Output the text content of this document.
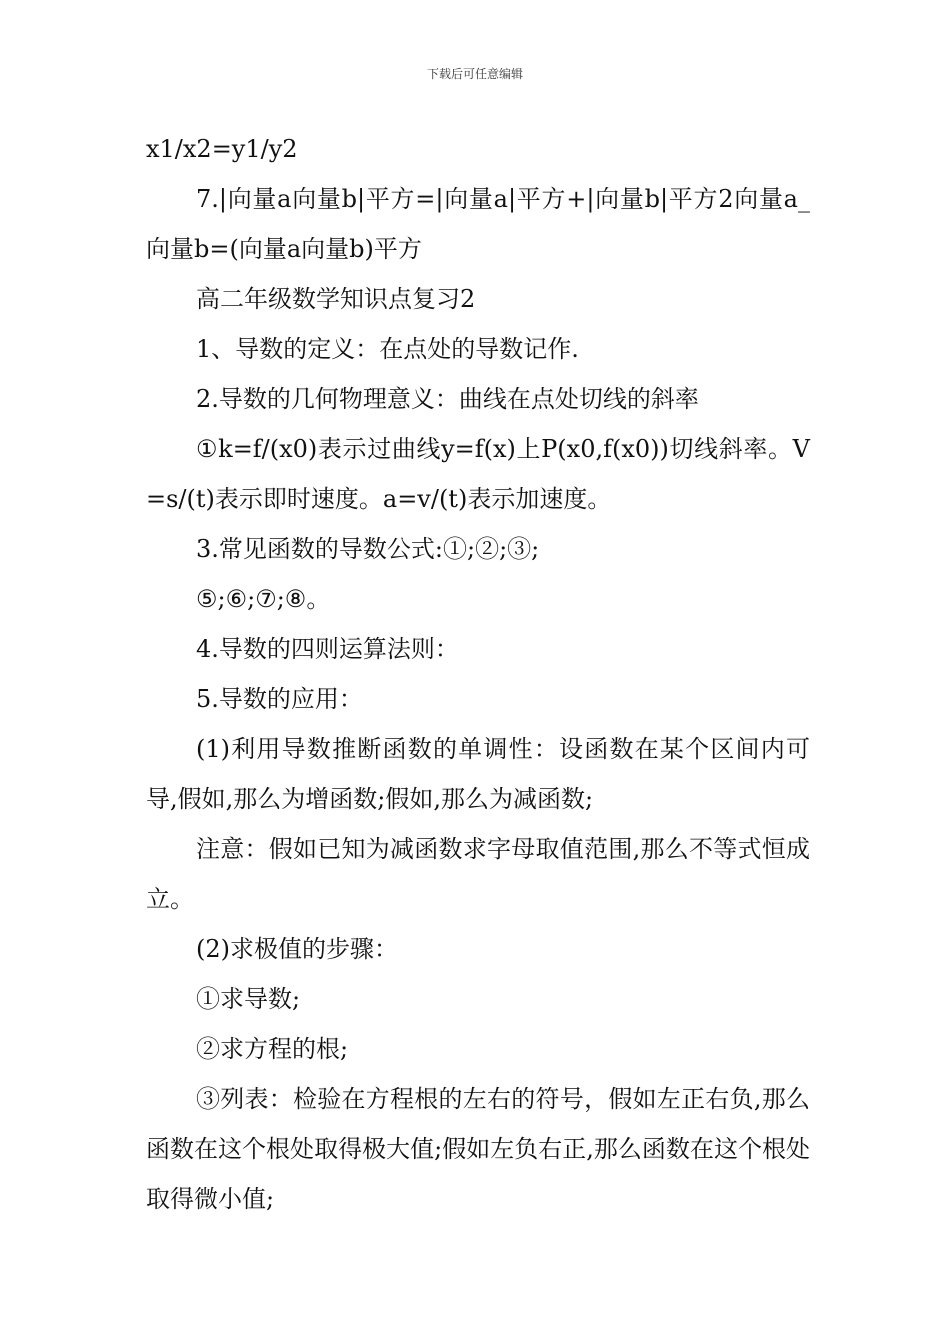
下载后可任意编辑

x1/x2=y1/y2

7.|向量a向量b|平方=|向量a|平方+|向量b|平方2向量a_向量b=(向量a向量b)平方

高二年级数学知识点复习2

1、导数的定义：在点处的导数记作.

2.导数的几何物理意义：曲线在点处切线的斜率

①k=f/(x0)表示过曲线y=f(x)上P(x0,f(x0))切线斜率。V=s/(t)表示即时速度。a=v/(t)表示加速度。

3.常见函数的导数公式:①;②;③;

⑤;⑥;⑦;⑧。

4.导数的四则运算法则：

5.导数的应用：

(1)利用导数推断函数的单调性：设函数在某个区间内可导,假如,那么为增函数;假如,那么为减函数;

注意：假如已知为减函数求字母取值范围,那么不等式恒成立。

(2)求极值的步骤：

①求导数;

②求方程的根;

③列表：检验在方程根的左右的符号，假如左正右负,那么函数在这个根处取得极大值;假如左负右正,那么函数在这个根处取得微小值;
